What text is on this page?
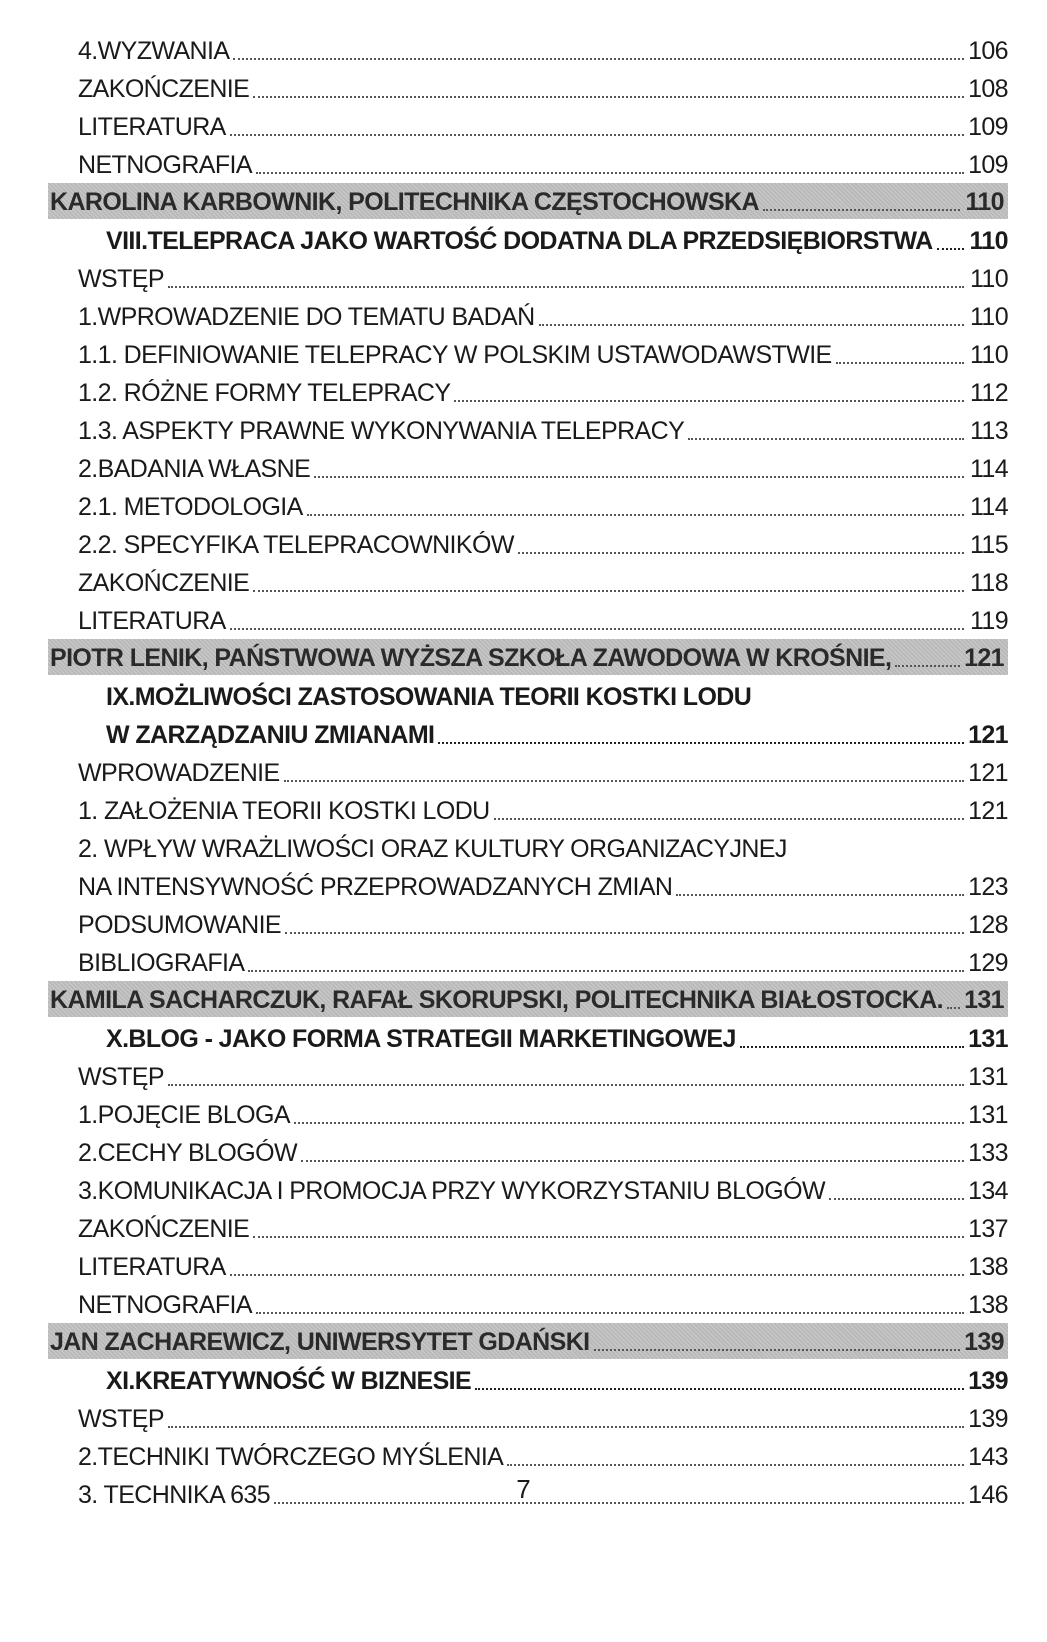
4.WYZWANIA	106
ZAKOŃCZENIE	108
LITERATURA	109
NETNOGRAFIA	109
KAROLINA KARBOWNIK, POLITECHNIKA CZĘSTOCHOWSKA	110
VIII.TELEPRACA JAKO WARTOŚĆ DODATNA DLA PRZEDSIĘBIORSTWA 110
WSTĘP	110
1.WPROWADZENIE DO TEMATU BADAŃ	110
1.1. DEFINIOWANIE TELEPRACY W POLSKIM USTAWODAWSTWIE	110
1.2. RÓŻNE FORMY TELEPRACY	112
1.3. ASPEKTY PRAWNE WYKONYWANIA TELEPRACY	113
2.BADANIA WŁASNE	114
2.1. METODOLOGIA	114
2.2. SPECYFIKA TELEPRACOWNIKÓW	115
ZAKOŃCZENIE	118
LITERATURA	119
PIOTR LENIK, PAŃSTWOWA WYŻSZA SZKOŁA ZAWODOWA W KROŚNIE,	121
IX.MOŻLIWOŚCI ZASTOSOWANIA TEORII KOSTKI LODU
W ZARZĄDZANIU ZMIANAMI	121
WPROWADZENIE	121
1. ZAŁOŻENIA TEORII KOSTKI LODU	121
2. WPŁYW WRAŻLIWOŚCI ORAZ KULTURY ORGANIZACYJNEJ
NA INTENSYWNOŚĆ PRZEPROWADZANYCH ZMIAN	123
PODSUMOWANIE	128
BIBLIOGRAFIA	129
KAMILA SACHARCZUK, RAFAŁ SKORUPSKI, POLITECHNIKA BIAŁOSTOCKA. 131
X.BLOG - JAKO FORMA STRATEGII MARKETINGOWEJ	131
WSTĘP	131
1.POJĘCIE BLOGA	131
2.CECHY BLOGÓW	133
3.KOMUNIKACJA I PROMOCJA PRZY WYKORZYSTANIU BLOGÓW	134
ZAKOŃCZENIE	137
LITERATURA	138
NETNOGRAFIA	138
JAN ZACHAREWICZ, UNIWERSYTET GDAŃSKI	139
XI.KREATYWNOŚĆ W BIZNESIE	139
WSTĘP	139
2.TECHNIKI TWÓRCZEGO MYŚLENIA	143
3. TECHNIKA 635	146
7
